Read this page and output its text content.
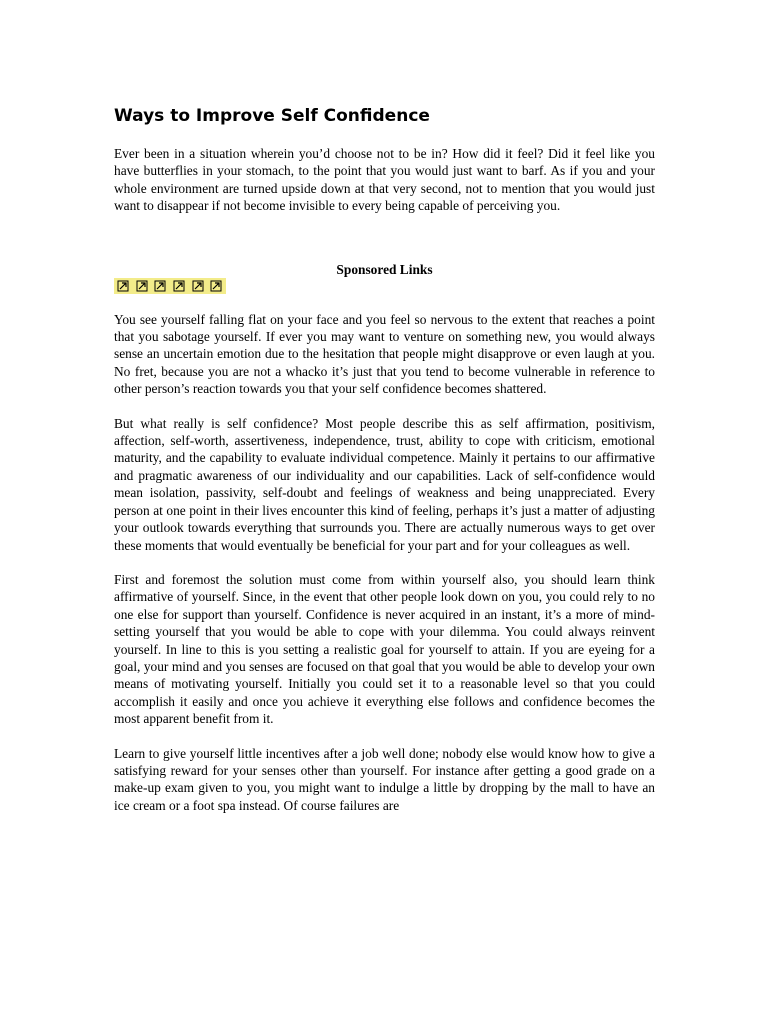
Ways to Improve Self Confidence

Ever been in a situation wherein you’d choose not to be in? How did it feel? Did it feel like you have butterflies in your stomach, to the point that you would just want to barf. As if you and your whole environment are turned upside down at that very second, not to mention that you would just want to disappear if not become invisible to every being capable of perceiving you.

Sponsored Links

You see yourself falling flat on your face and you feel so nervous to the extent that reaches a point that you sabotage yourself. If ever you may want to venture on something new, you would always sense an uncertain emotion due to the hesitation that people might disapprove or even laugh at you. No fret, because you are not a whacko it’s just that you tend to become vulnerable in reference to other person’s reaction towards you that your self confidence becomes shattered.

But what really is self confidence? Most people describe this as self affirmation, positivism, affection, self-worth, assertiveness, independence, trust, ability to cope with criticism, emotional maturity, and the capability to evaluate individual competence. Mainly it pertains to our affirmative and pragmatic awareness of our individuality and our capabilities. Lack of self-confidence would mean isolation, passivity, self-doubt and feelings of weakness and being unappreciated. Every person at one point in their lives encounter this kind of feeling, perhaps it’s just a matter of adjusting your outlook towards everything that surrounds you. There are actually numerous ways to get over these moments that would eventually be beneficial for your part and for your colleagues as well.

First and foremost the solution must come from within yourself also, you should learn think affirmative of yourself. Since, in the event that other people look down on you, you could rely to no one else for support than yourself. Confidence is never acquired in an instant, it’s a more of mind-setting yourself that you would be able to cope with your dilemma. You could always reinvent yourself. In line to this is you setting a realistic goal for yourself to attain. If you are eyeing for a goal, your mind and you senses are focused on that goal that you would be able to develop your own means of motivating yourself. Initially you could set it to a reasonable level so that you could accomplish it easily and once you achieve it everything else follows and confidence becomes the most apparent benefit from it.

Learn to give yourself little incentives after a job well done; nobody else would know how to give a satisfying reward for your senses other than yourself. For instance after getting a good grade on a make-up exam given to you, you might want to indulge a little by dropping by the mall to have an ice cream or a foot spa instead. Of course failures are
